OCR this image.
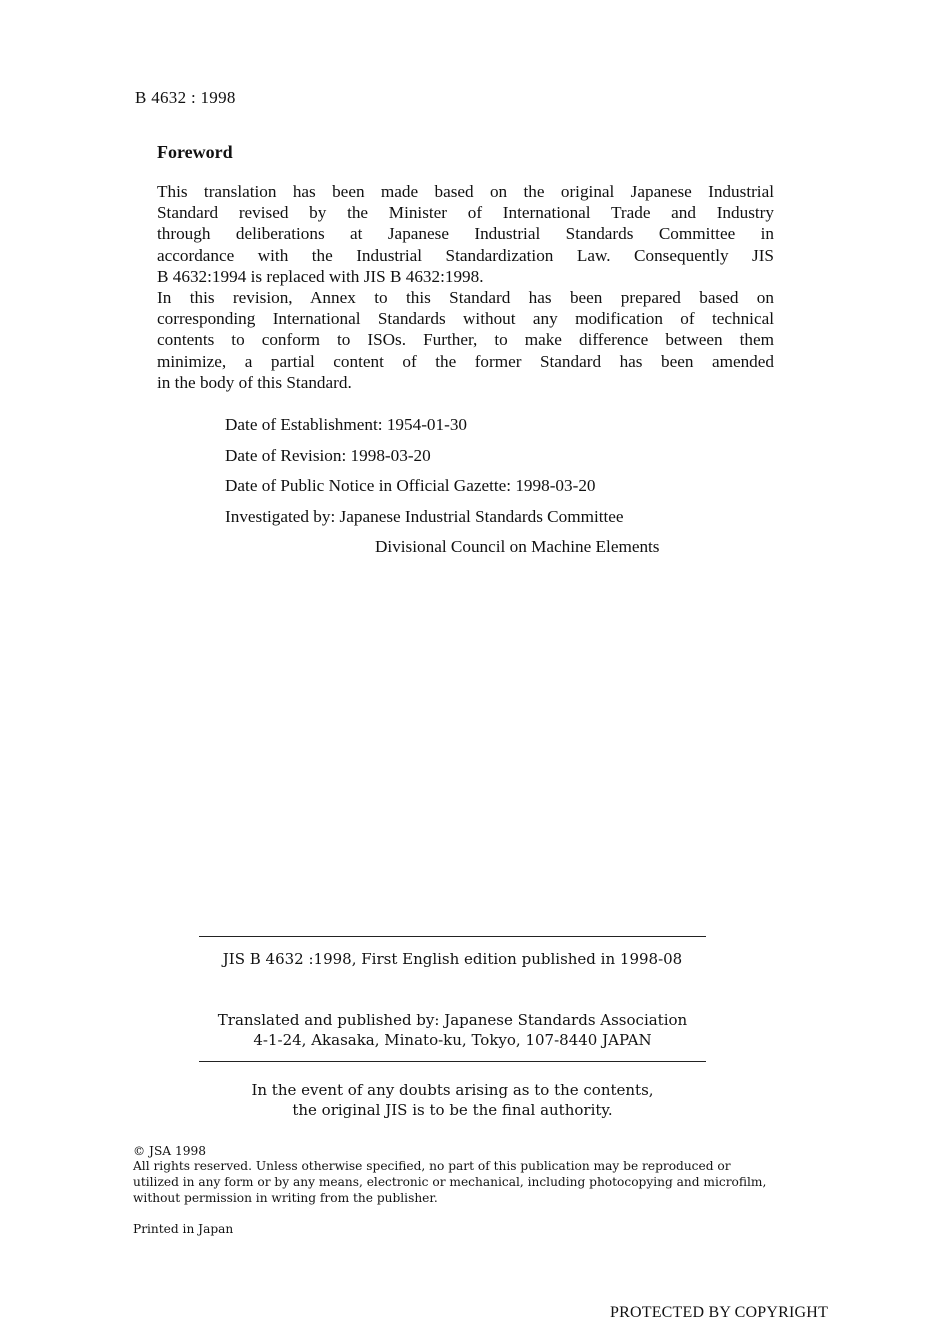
B 4632 : 1998
Foreword
This translation has been made based on the original Japanese Industrial
Standard revised by the Minister of International Trade and Industry
through deliberations at Japanese Industrial Standards Committee in
accordance with the Industrial Standardization Law. Consequently JIS
B 4632:1994 is replaced with JIS B 4632:1998.
In this revision, Annex to this Standard has been prepared based on
corresponding International Standards without any modification of technical
contents to conform to ISOs. Further, to make difference between them
minimize, a partial content of the former Standard has been amended
in the body of this Standard.
Date of Establishment: 1954-01-30
Date of Revision: 1998-03-20
Date of Public Notice in Official Gazette: 1998-03-20
Investigated by: Japanese Industrial Standards Committee
Divisional Council on Machine Elements
JIS B 4632 :1998, First English edition published in 1998-08
Translated and published by: Japanese Standards Association
4-1-24, Akasaka, Minato-ku, Tokyo, 107-8440 JAPAN
In the event of any doubts arising as to the contents,
the original JIS is to be the final authority.
© JSA 1998
All rights reserved. Unless otherwise specified, no part of this publication may be reproduced or
utilized in any form or by any means, electronic or mechanical, including photocopying and microfilm,
without permission in writing from the publisher.
Printed in Japan
PROTECTED BY COPYRIGHT
